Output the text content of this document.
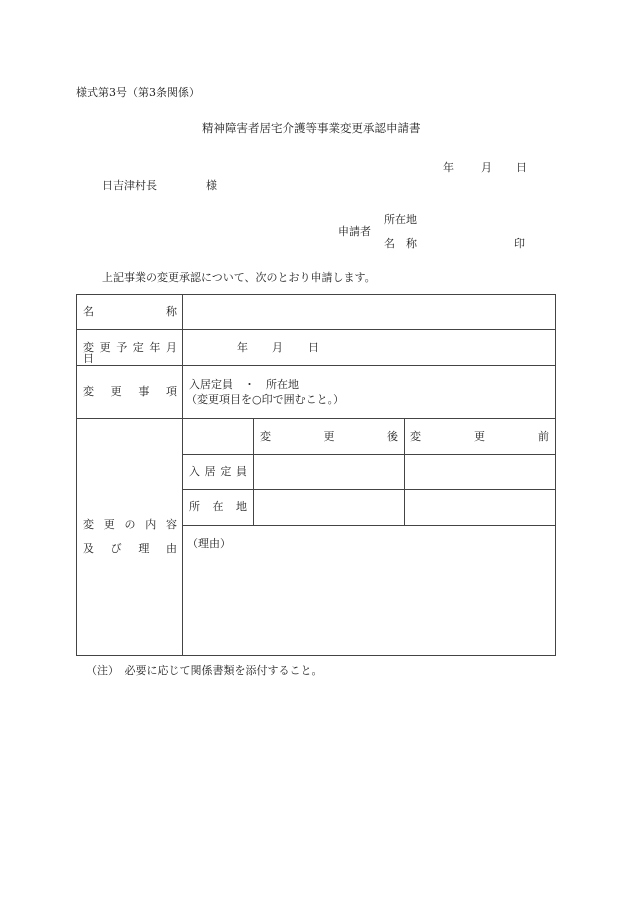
様式第3号（第3条関係）
精神障害者居宅介護等事業変更承認申請書
年 月 日
日吉津村長	様
申請者
所在地
名 称	印
上記事業の変更承認について、次のとおり申請します。
名 称
変 更 予 定 年 月 日
年 月 日
変 更 事 項
入居定員　・　所在地
（変更項目を○印で囲むこと。）
変 更 の 内 容
及 び 理 由
変 更 後 変 更 前
入 居 定 員
所 在 地
（理由）
（注）　必要に応じて関係書類を添付すること。
